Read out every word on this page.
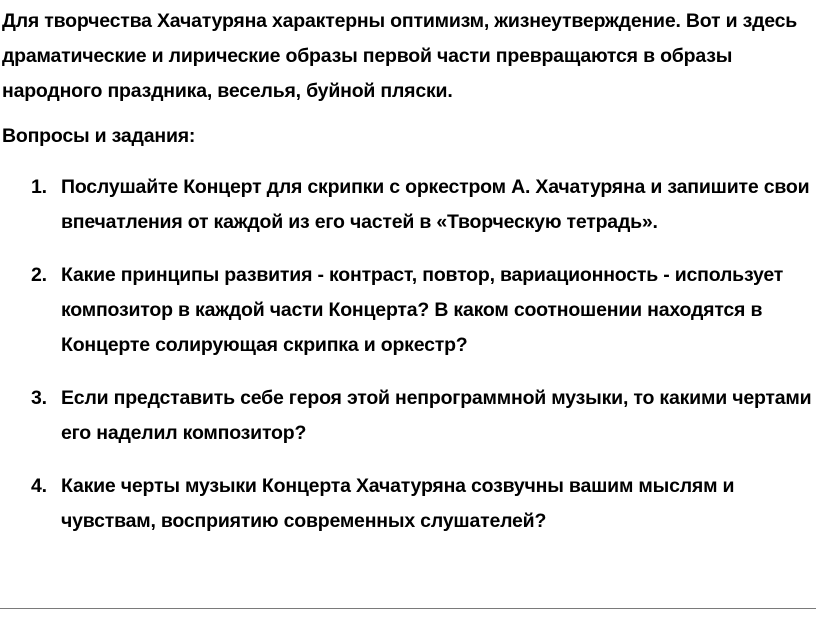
Для творчества Хачатуряна характерны оптимизм, жизнеутверждение. Вот и здесь драматические и лирические образы первой части превращаются в образы народного праздника, веселья, буйной пляски.

Вопросы и задания:

1. Послушайте Концерт для скрипки с оркестром А. Хачатуряна и запишите свои впечатления от каждой из его частей в «Творческую тетрадь».
2. Какие принципы развития - контраст, повтор, вариационность - использует композитор в каждой части Концерта? В каком соотношении находятся в Концерте солирующая скрипка и оркестр?
3. Если представить себе героя этой непрограммной музыки, то какими чертами его наделил композитор?
4. Какие черты музыки Концерта Хачатуряна созвучны вашим мыслям и чувствам, восприятию современных слушателей?
